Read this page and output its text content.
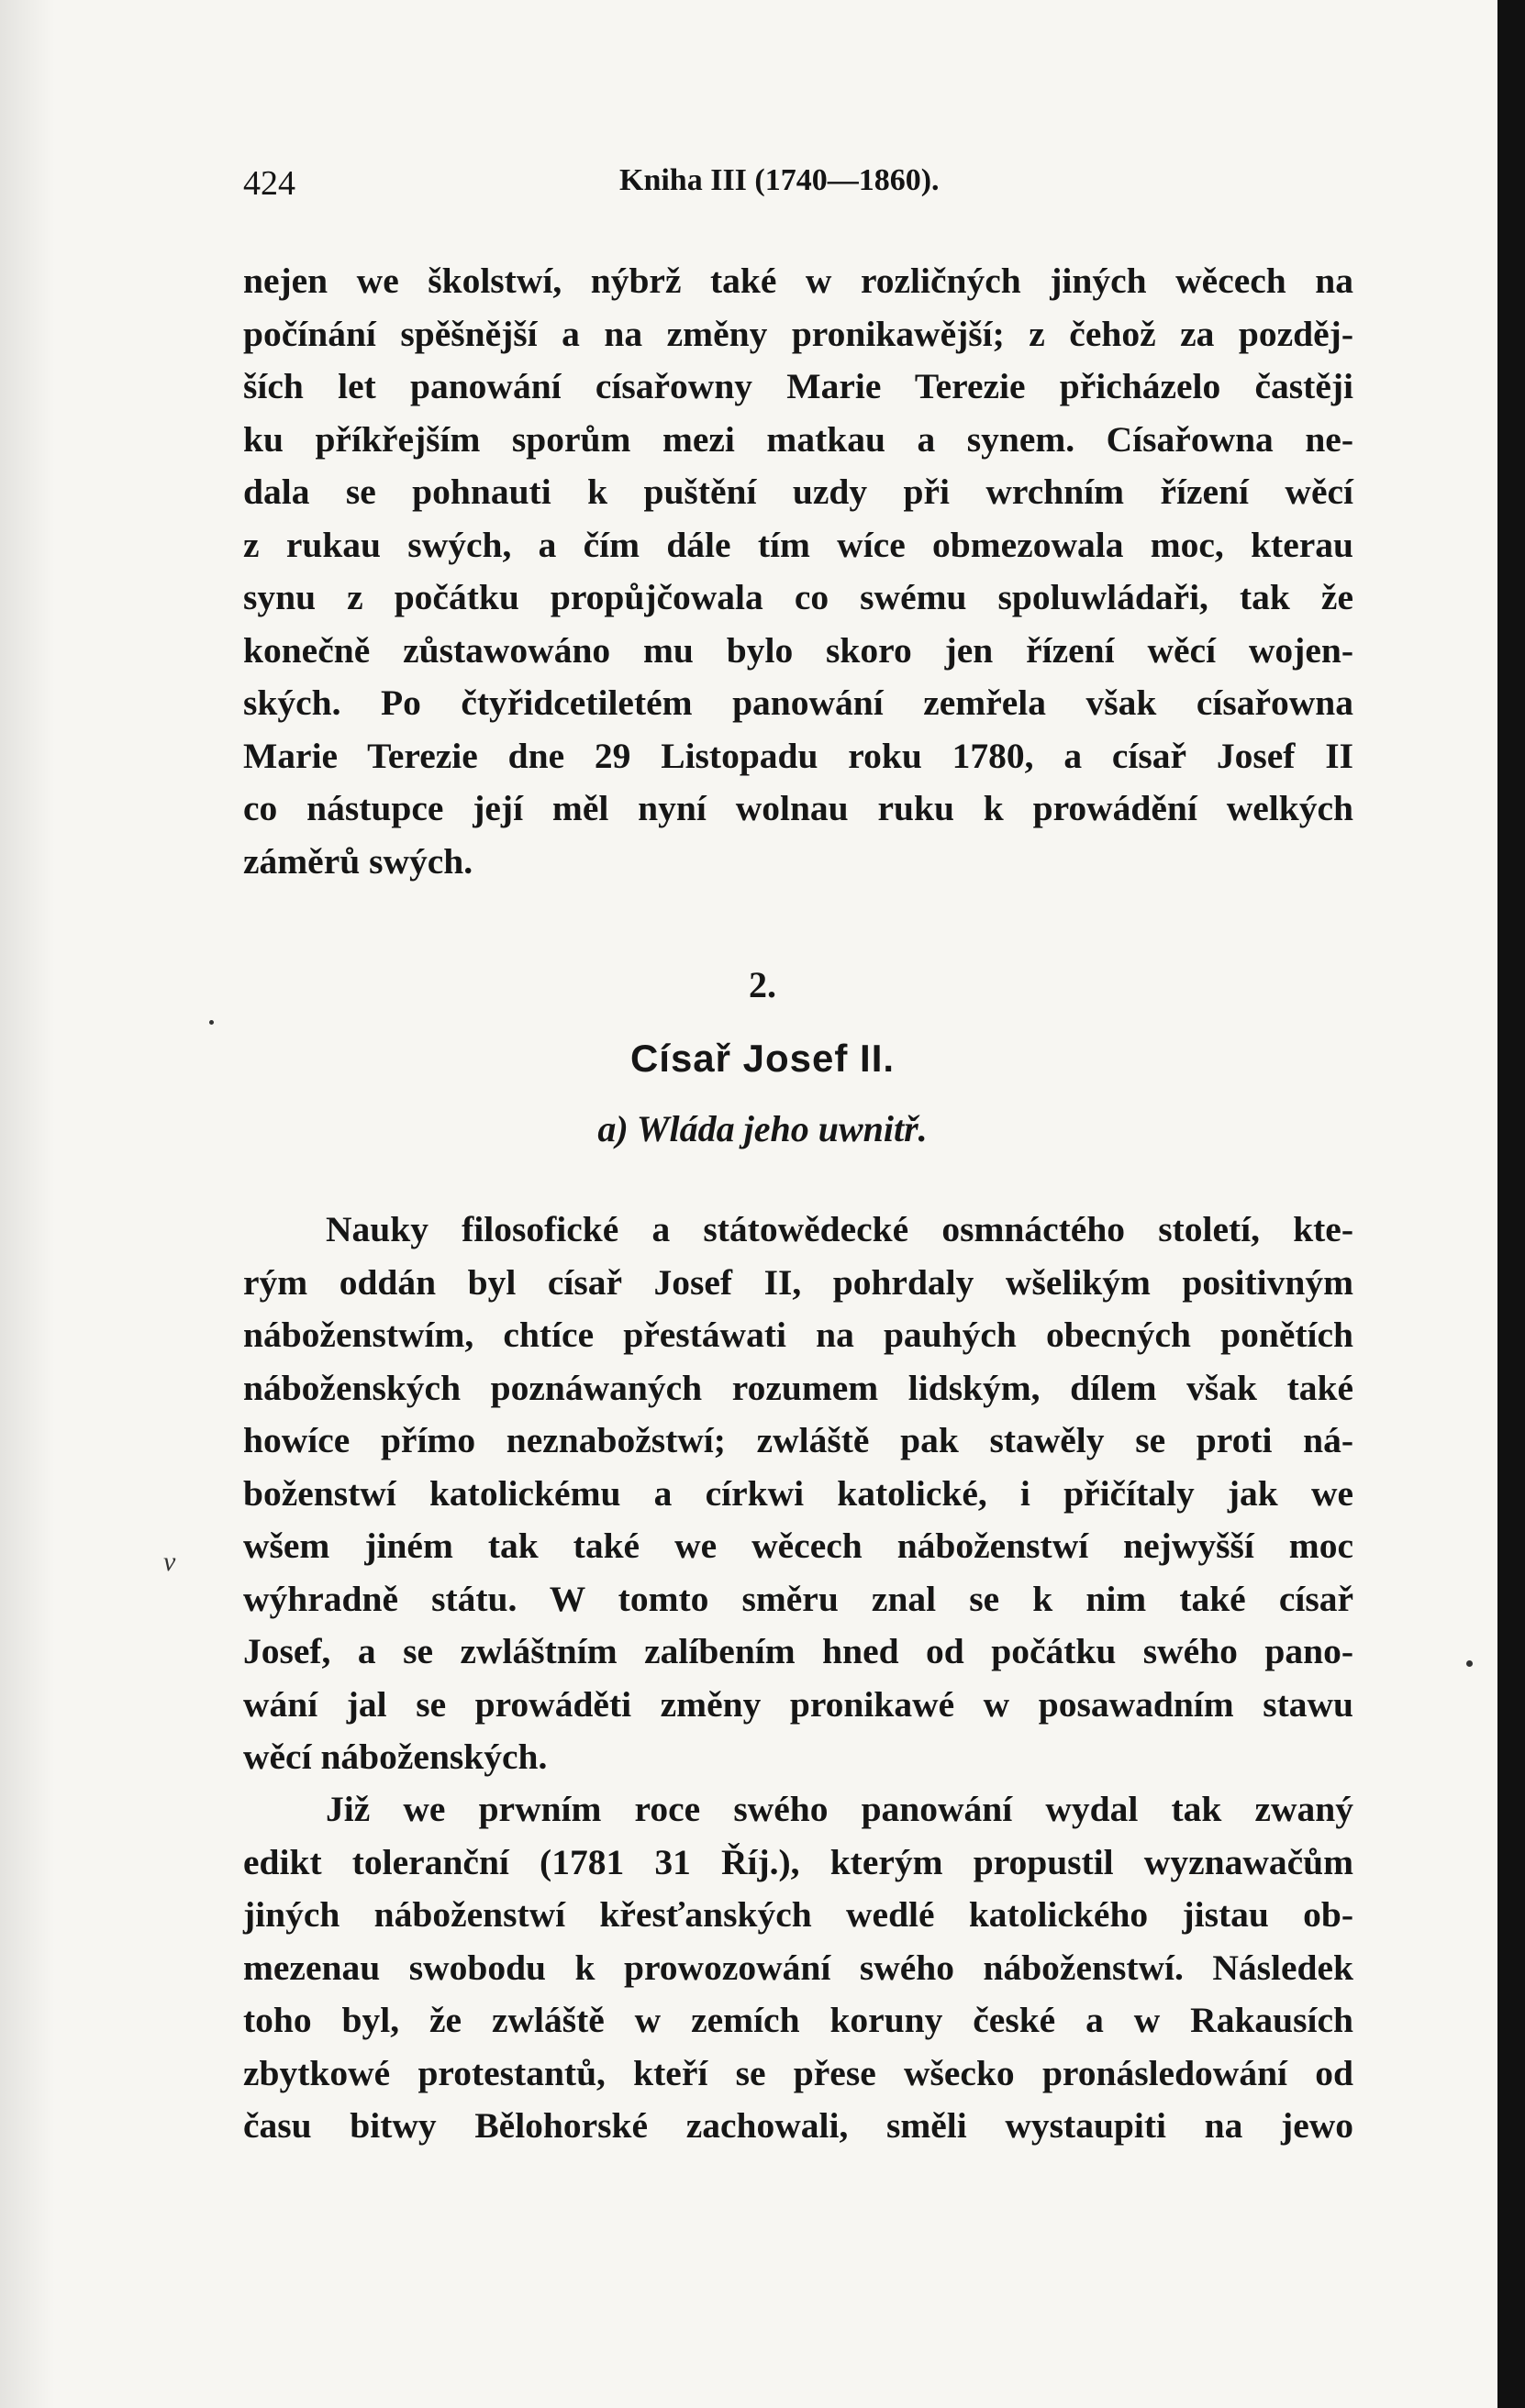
424	Kniha III (1740—1860).
nejen we školstwí, nýbrž také w rozličných jiných wěcech na
počínání spěšnější a na změny pronikawější; z čehož za pozděj-
ších let panowání císařowny Marie Terezie přicházelo častěji
ku příkřejším sporům mezi matkau a synem. Císařowna ne-
dala se pohnauti k puštění uzdy při wrchním řízení wěcí
z rukau swých, a čím dále tím wíce obmezowala moc, kterau
synu z počátku propůjčowala co swému spoluwládaři, tak že
konečně zůstawowáno mu bylo skoro jen řízení wěcí wojen-
ských. Po čtyřidcetiletém panowání zemřela však císařowna
Marie Terezie dne 29 Listopadu roku 1780, a císař Josef II
co nástupce její měl nyní wolnau ruku k prowádění welkých
záměrů swých.
2.
Císař Josef II.
a) Wláda jeho uwnitř.
Nauky filosofické a státowědecké osmnáctého století, kte-
rým oddán byl císař Josef II, pohrdaly wšelikým positivným
náboženstwím, chtíce přestáwati na pauhých obecných ponětích
náboženských poznáwaných rozumem lidským, dílem však také
howíce přímo neznabožstwí; zwláště pak stawěly se proti ná-
boženstwí katolickému a církwi katolické, i přičítaly jak we
wšem jiném tak také we wěcech náboženstwí nejwyšší moc
wýhradně státu. W tomto směru znal se k nim také císař
Josef, a se zwláštním zalíbením hned od počátku swého pano-
wání jal se prowáděti změny pronikawé w posawadním stawu
wěcí náboženských.
Již we prwním roce swého panowání wydal tak zwaný
edikt toleranční (1781 31 Říj.), kterým propustil wyznawačům
jiných náboženstwí křesťanských wedlé katolického jistau ob-
mezenau swobodu k prowozowání swého náboženstwí. Následek
toho byl, že zwláště w zemích koruny české a w Rakausích
zbytkowé protestantů, kteří se přese wšecko pronásledowání od
času bitwy Bělohorské zachowali, směli wystaupiti na jewo
v
